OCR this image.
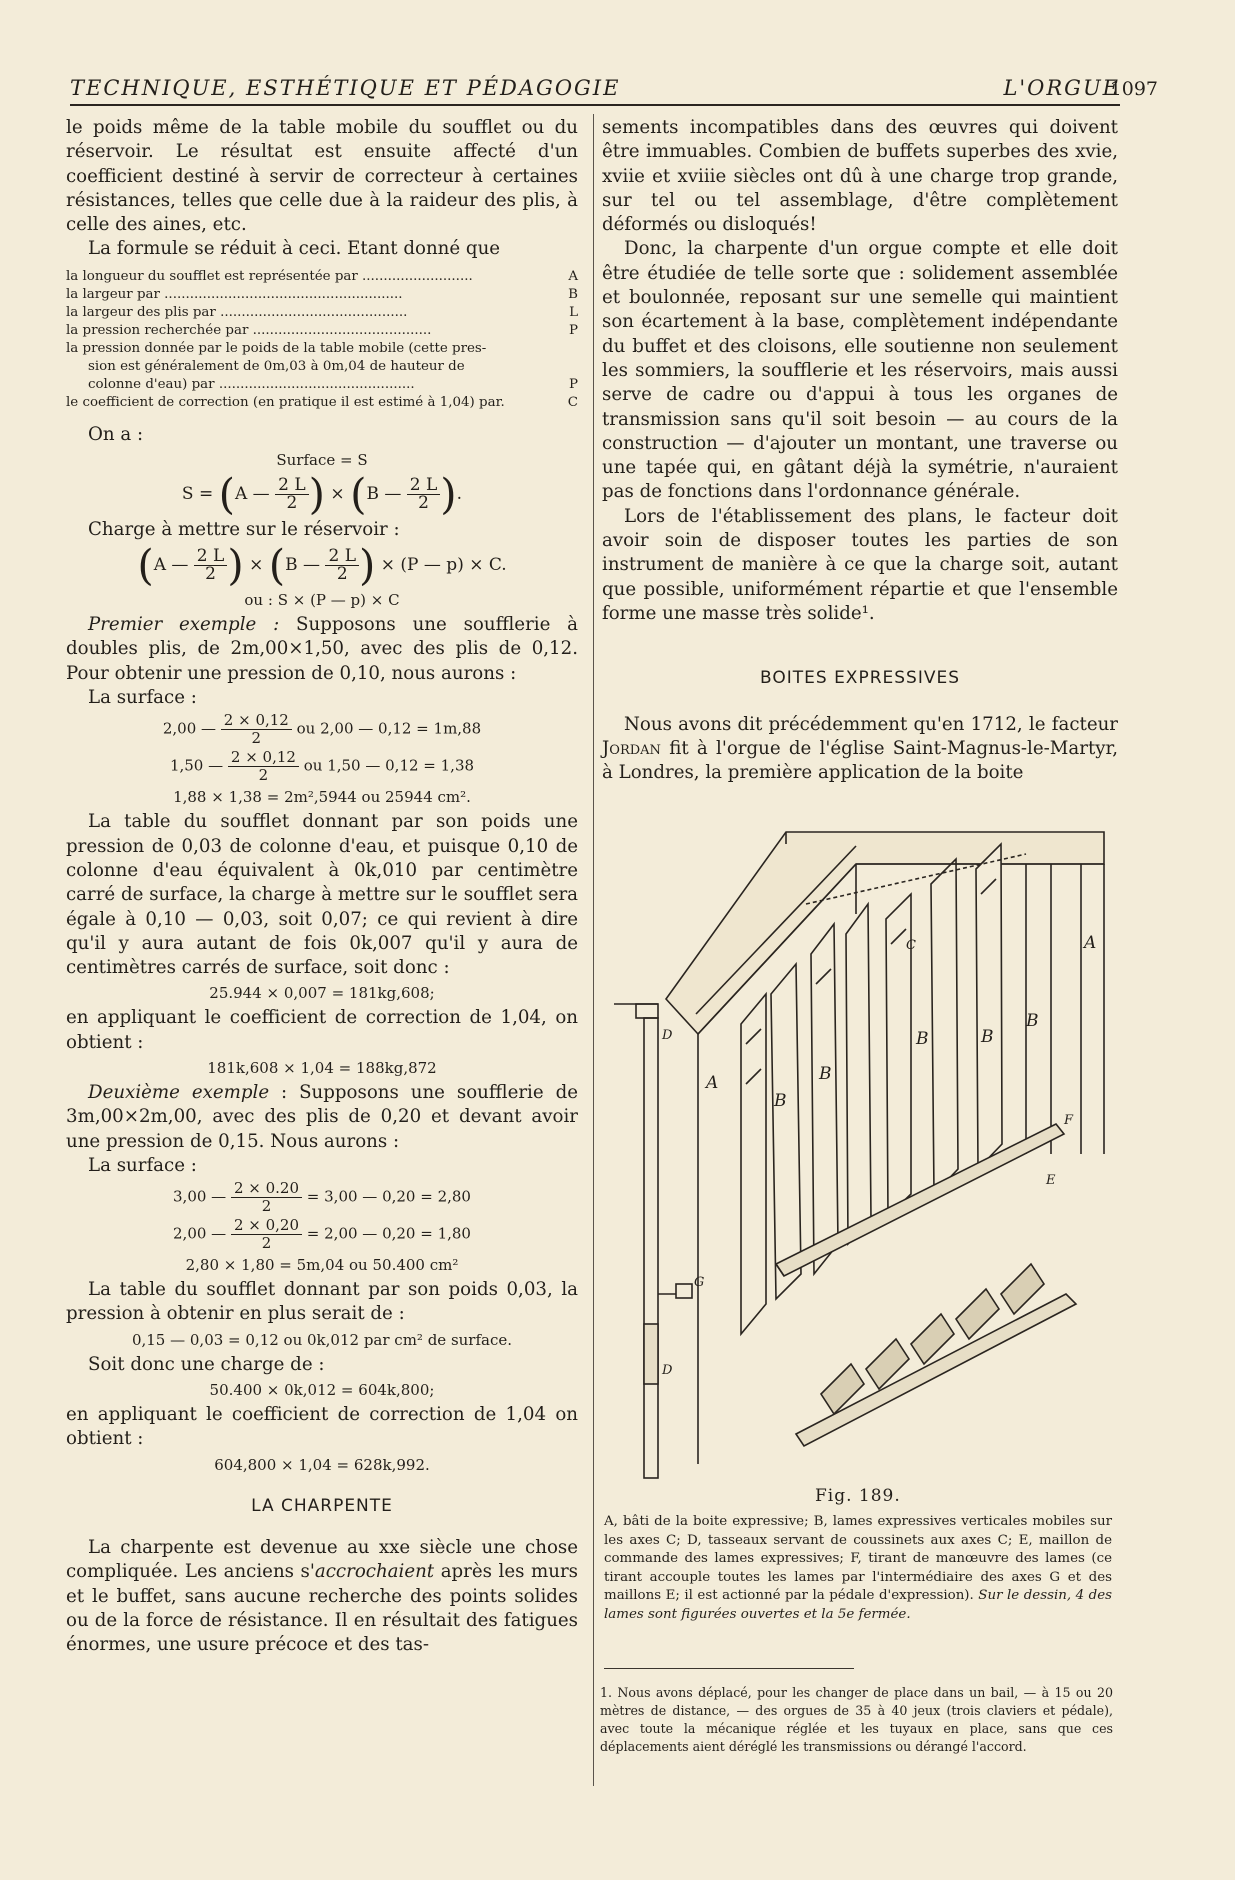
TECHNIQUE, ESTHÉTIQUE ET PÉDAGOGIE	L'ORGUE
1097

le poids même de la table mobile du soufflet ou du réservoir. Le résultat est ensuite affecté d'un coefficient destiné à servir de correcteur à certaines résistances, telles que celle due à la raideur des plis, à celle des aines, etc.

La formule se réduit à ceci. Etant donné que

la longueur du soufflet est représentée par ..........................	A
la largeur par ........................................................	B
la largeur des plis par ............................................	L
la pression recherchée par ..........................................	P
la pression donnée par le poids de la table mobile (cette pres-
sion est généralement de 0m,03 à 0m,04 de hauteur de
colonne d'eau) par ..............................................	P
le coefficient de correction (en pratique il est estimé à 1,04) par.	C

On a :

Surface = S
S = (A — $\frac{2 L}{2}$ ) × (B — $\frac{2 L}{2}$ ).

Charge à mettre sur le réservoir :

(A — $\frac{2 L}{2}$ ) × (B — $\frac{2 L}{2}$ ) × (P — p) × C.
ou : S × (P — p) × C

Premier exemple : Supposons une soufflerie à doubles plis, de 2m,00×1,50, avec des plis de 0,12. Pour obtenir une pression de 0,10, nous aurons :

La surface :

2,00 — $\frac{2 \times 0,12}{2}$ ou 2,00 — 0,12 = 1m,88
1,50 — $\frac{2 \times 0,12}{2}$ ou 1,50 — 0,12 = 1,38
1,88 × 1,38 = 2m²,5944 ou 25944 cm².

La table du soufflet donnant par son poids une pression de 0,03 de colonne d'eau, et puisque 0,10 de colonne d'eau équivalent à 0k,010 par centimètre carré de surface, la charge à mettre sur le soufflet sera égale à 0,10 — 0,03, soit 0,07; ce qui revient à dire qu'il y aura autant de fois 0k,007 qu'il y aura de centimètres carrés de surface, soit donc :

25.944 × 0,007 = 181kg,608;

en appliquant le coefficient de correction de 1,04, on obtient :

181k,608 × 1,04 = 188kg,872

Deuxième exemple : Supposons une soufflerie de 3m,00×2m,00, avec des plis de 0,20 et devant avoir une pression de 0,15. Nous aurons :

La surface :

3,00 — $\frac{2 \times 0.20}{2} = 3,00$ — 0,20 = 2,80
2,00 — $\frac{2 \times 0,20}{2} = 2,00$ — 0,20 = 1,80
2,80 × 1,80 = 5m,04 ou 50.400 cm²

La table du soufflet donnant par son poids 0,03, la pression à obtenir en plus serait de :

0,15 — 0,03 = 0,12 ou 0k,012 par cm² de surface.

Soit donc une charge de :

50.400 × 0k,012 = 604k,800;

en appliquant le coefficient de correction de 1,04 on obtient :

604,800 × 1,04 = 628k,992.
LA CHARPENTE

La charpente est devenue au xxe siècle une chose compliquée. Les anciens s'accrochaient après les murs et le buffet, sans aucune recherche des points solides ou de la force de résistance. Il en résultait des fatigues énormes, une usure précoce et des tas-

sements incompatibles dans des œuvres qui doivent être immuables. Combien de buffets superbes des xvie, xviie et xviiie siècles ont dû à une charge trop grande, sur tel ou tel assemblage, d'être complètement déformés ou disloqués!

Donc, la charpente d'un orgue compte et elle doit être étudiée de telle sorte que : solidement assemblée et boulonnée, reposant sur une semelle qui maintient son écartement à la base, complètement indépendante du buffet et des cloisons, elle soutienne non seulement les sommiers, la soufflerie et les réservoirs, mais aussi serve de cadre ou d'appui à tous les organes de transmission sans qu'il soit besoin — au cours de la construction — d'ajouter un montant, une traverse ou une tapée qui, en gâtant déjà la symétrie, n'auraient pas de fonctions dans l'ordonnance générale.

Lors de l'établissement des plans, le facteur doit avoir soin de disposer toutes les parties de son instrument de manière à ce que la charge soit, autant que possible, uniformément répartie et que l'ensemble forme une masse très solide¹.

BOITES EXPRESSIVES

Nous avons dit précédemment qu'en 1712, le facteur Jordan fit à l'orgue de l'église Saint-Magnus-le-Martyr, à Londres, la première application de la boite

A
A
B
B
B	B
B
C
D
D
E
F
G
Fig. 189.
A, bâti de la boite expressive; B, lames expressives verticales mobiles sur les axes C; D, tasseaux servant de coussinets aux axes C; E, maillon de commande des lames expressives; F, tirant de manœuvre des lames (ce tirant accouple toutes les lames par l'intermédiaire des axes G et des maillons E; il est actionné par la pédale d'expression). Sur le dessin, 4 des lames sont figurées ouvertes et la 5e fermée.
1. Nous avons déplacé, pour les changer de place dans un bail, — à 15 ou 20 mètres de distance, — des orgues de 35 à 40 jeux (trois claviers et pédale), avec toute la mécanique réglée et les tuyaux en place, sans que ces déplacements aient déréglé les transmissions ou dérangé l'accord.
